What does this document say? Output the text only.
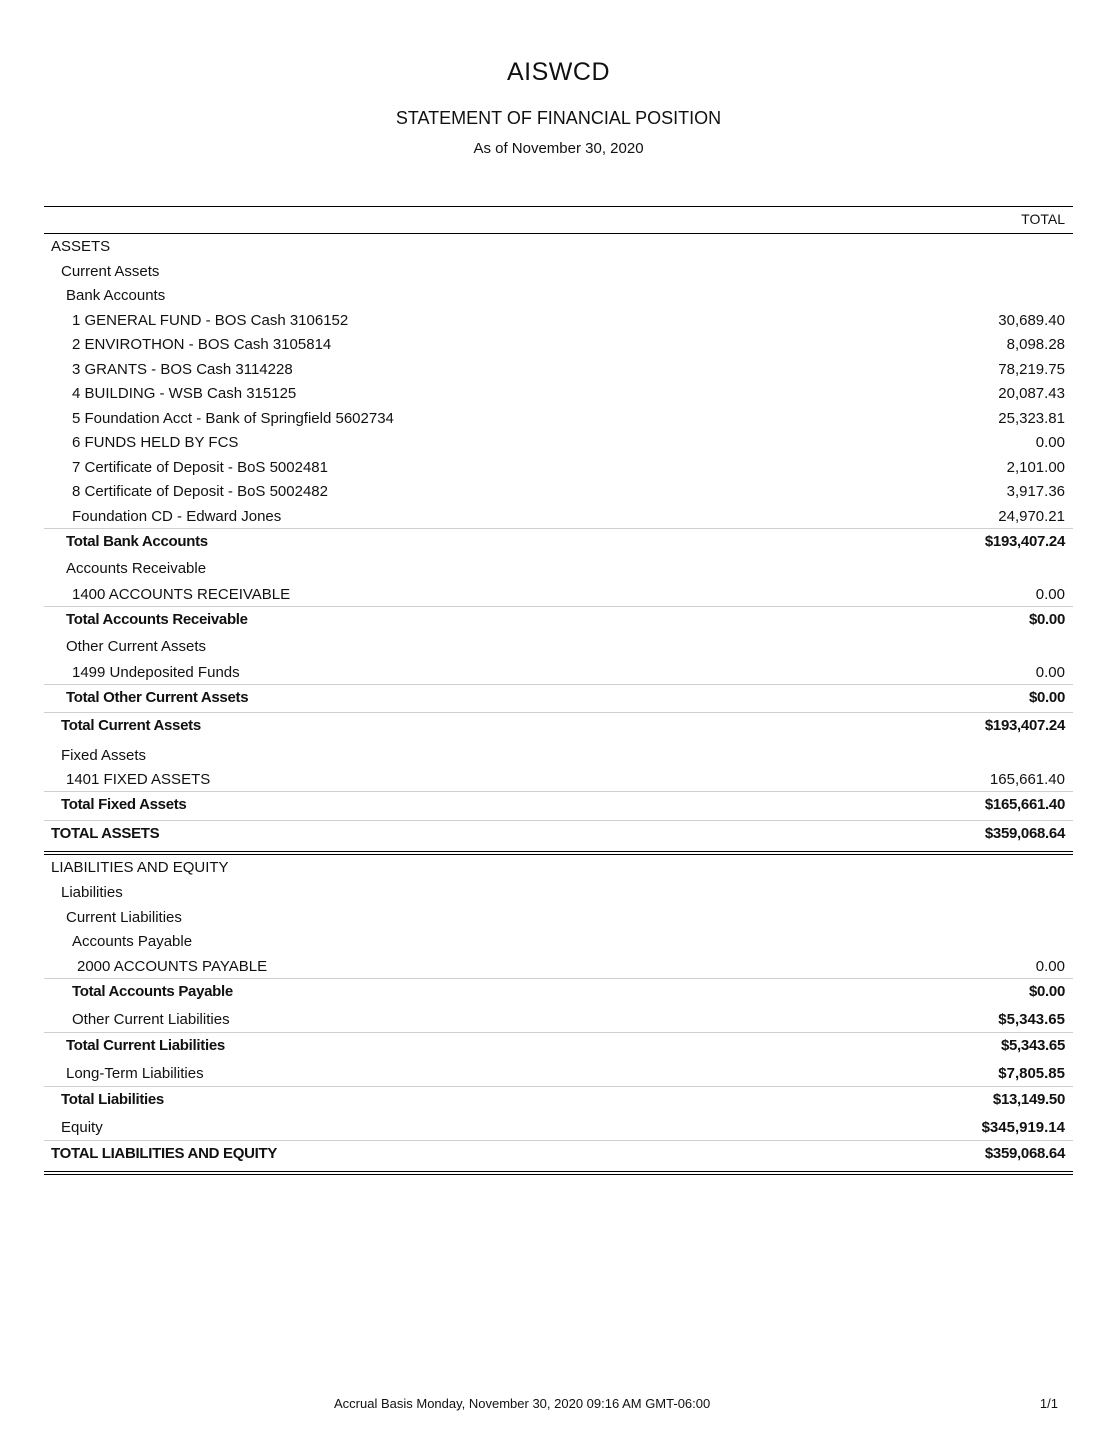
AISWCD
STATEMENT OF FINANCIAL POSITION
As of November 30, 2020
TOTAL
ASSETS
Current Assets
Bank Accounts
1 GENERAL FUND - BOS Cash 3106152	30,689.40
2 ENVIROTHON - BOS Cash 3105814	8,098.28
3 GRANTS - BOS Cash 3114228	78,219.75
4 BUILDING - WSB Cash 315125	20,087.43
5 Foundation Acct - Bank of Springfield 5602734	25,323.81
6 FUNDS HELD BY FCS	0.00
7 Certificate of Deposit - BoS 5002481	2,101.00
8 Certificate of Deposit - BoS 5002482	3,917.36
Foundation CD - Edward Jones	24,970.21
Total Bank Accounts	$193,407.24
Accounts Receivable
1400 ACCOUNTS RECEIVABLE	0.00
Total Accounts Receivable	$0.00
Other Current Assets
1499 Undeposited Funds	0.00
Total Other Current Assets	$0.00
Total Current Assets	$193,407.24
Fixed Assets
1401 FIXED ASSETS	165,661.40
Total Fixed Assets	$165,661.40
TOTAL ASSETS	$359,068.64
LIABILITIES AND EQUITY
Liabilities
Current Liabilities
Accounts Payable
2000 ACCOUNTS PAYABLE	0.00
Total Accounts Payable	$0.00
Other Current Liabilities	$5,343.65
Total Current Liabilities	$5,343.65
Long-Term Liabilities	$7,805.85
Total Liabilities	$13,149.50
Equity	$345,919.14
TOTAL LIABILITIES AND EQUITY	$359,068.64
Accrual Basis Monday, November 30, 2020 09:16 AM GMT-06:00	1/1
